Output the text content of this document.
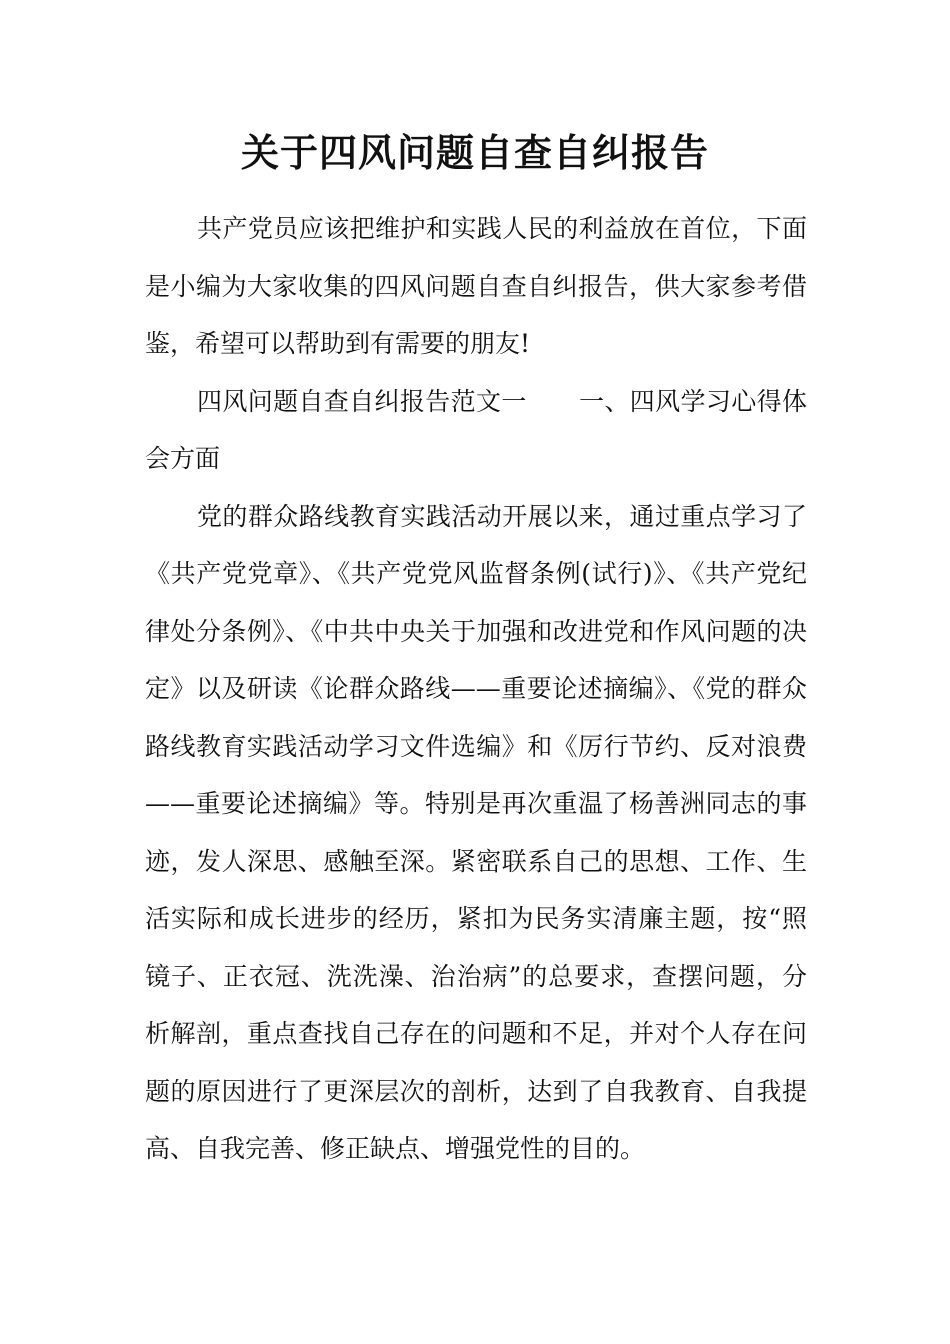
关于四风问题自查自纠报告

共产党员应该把维护和实践人民的利益放在首位，下面是小编为大家收集的四风问题自查自纠报告，供大家参考借鉴，希望可以帮助到有需要的朋友!

四风问题自查自纠报告范文一 一、四风学习心得体会方面

党的群众路线教育实践活动开展以来，通过重点学习了《共产党党章》、《共产党党风监督条例(试行)》、《共产党纪律处分条例》、《中共中央关于加强和改进党和作风问题的决定》以及研读《论群众路线——重要论述摘编》、《党的群众路线教育实践活动学习文件选编》和《厉行节约、反对浪费——重要论述摘编》等。特别是再次重温了杨善洲同志的事迹，发人深思、感触至深。紧密联系自己的思想、工作、生活实际和成长进步的经历，紧扣为民务实清廉主题，按“照镜子、正衣冠、洗洗澡、治治病”的总要求，查摆问题，分析解剖，重点查找自己存在的问题和不足，并对个人存在问题的原因进行了更深层次的剖析，达到了自我教育、自我提高、自我完善、修正缺点、增强党性的目的。
